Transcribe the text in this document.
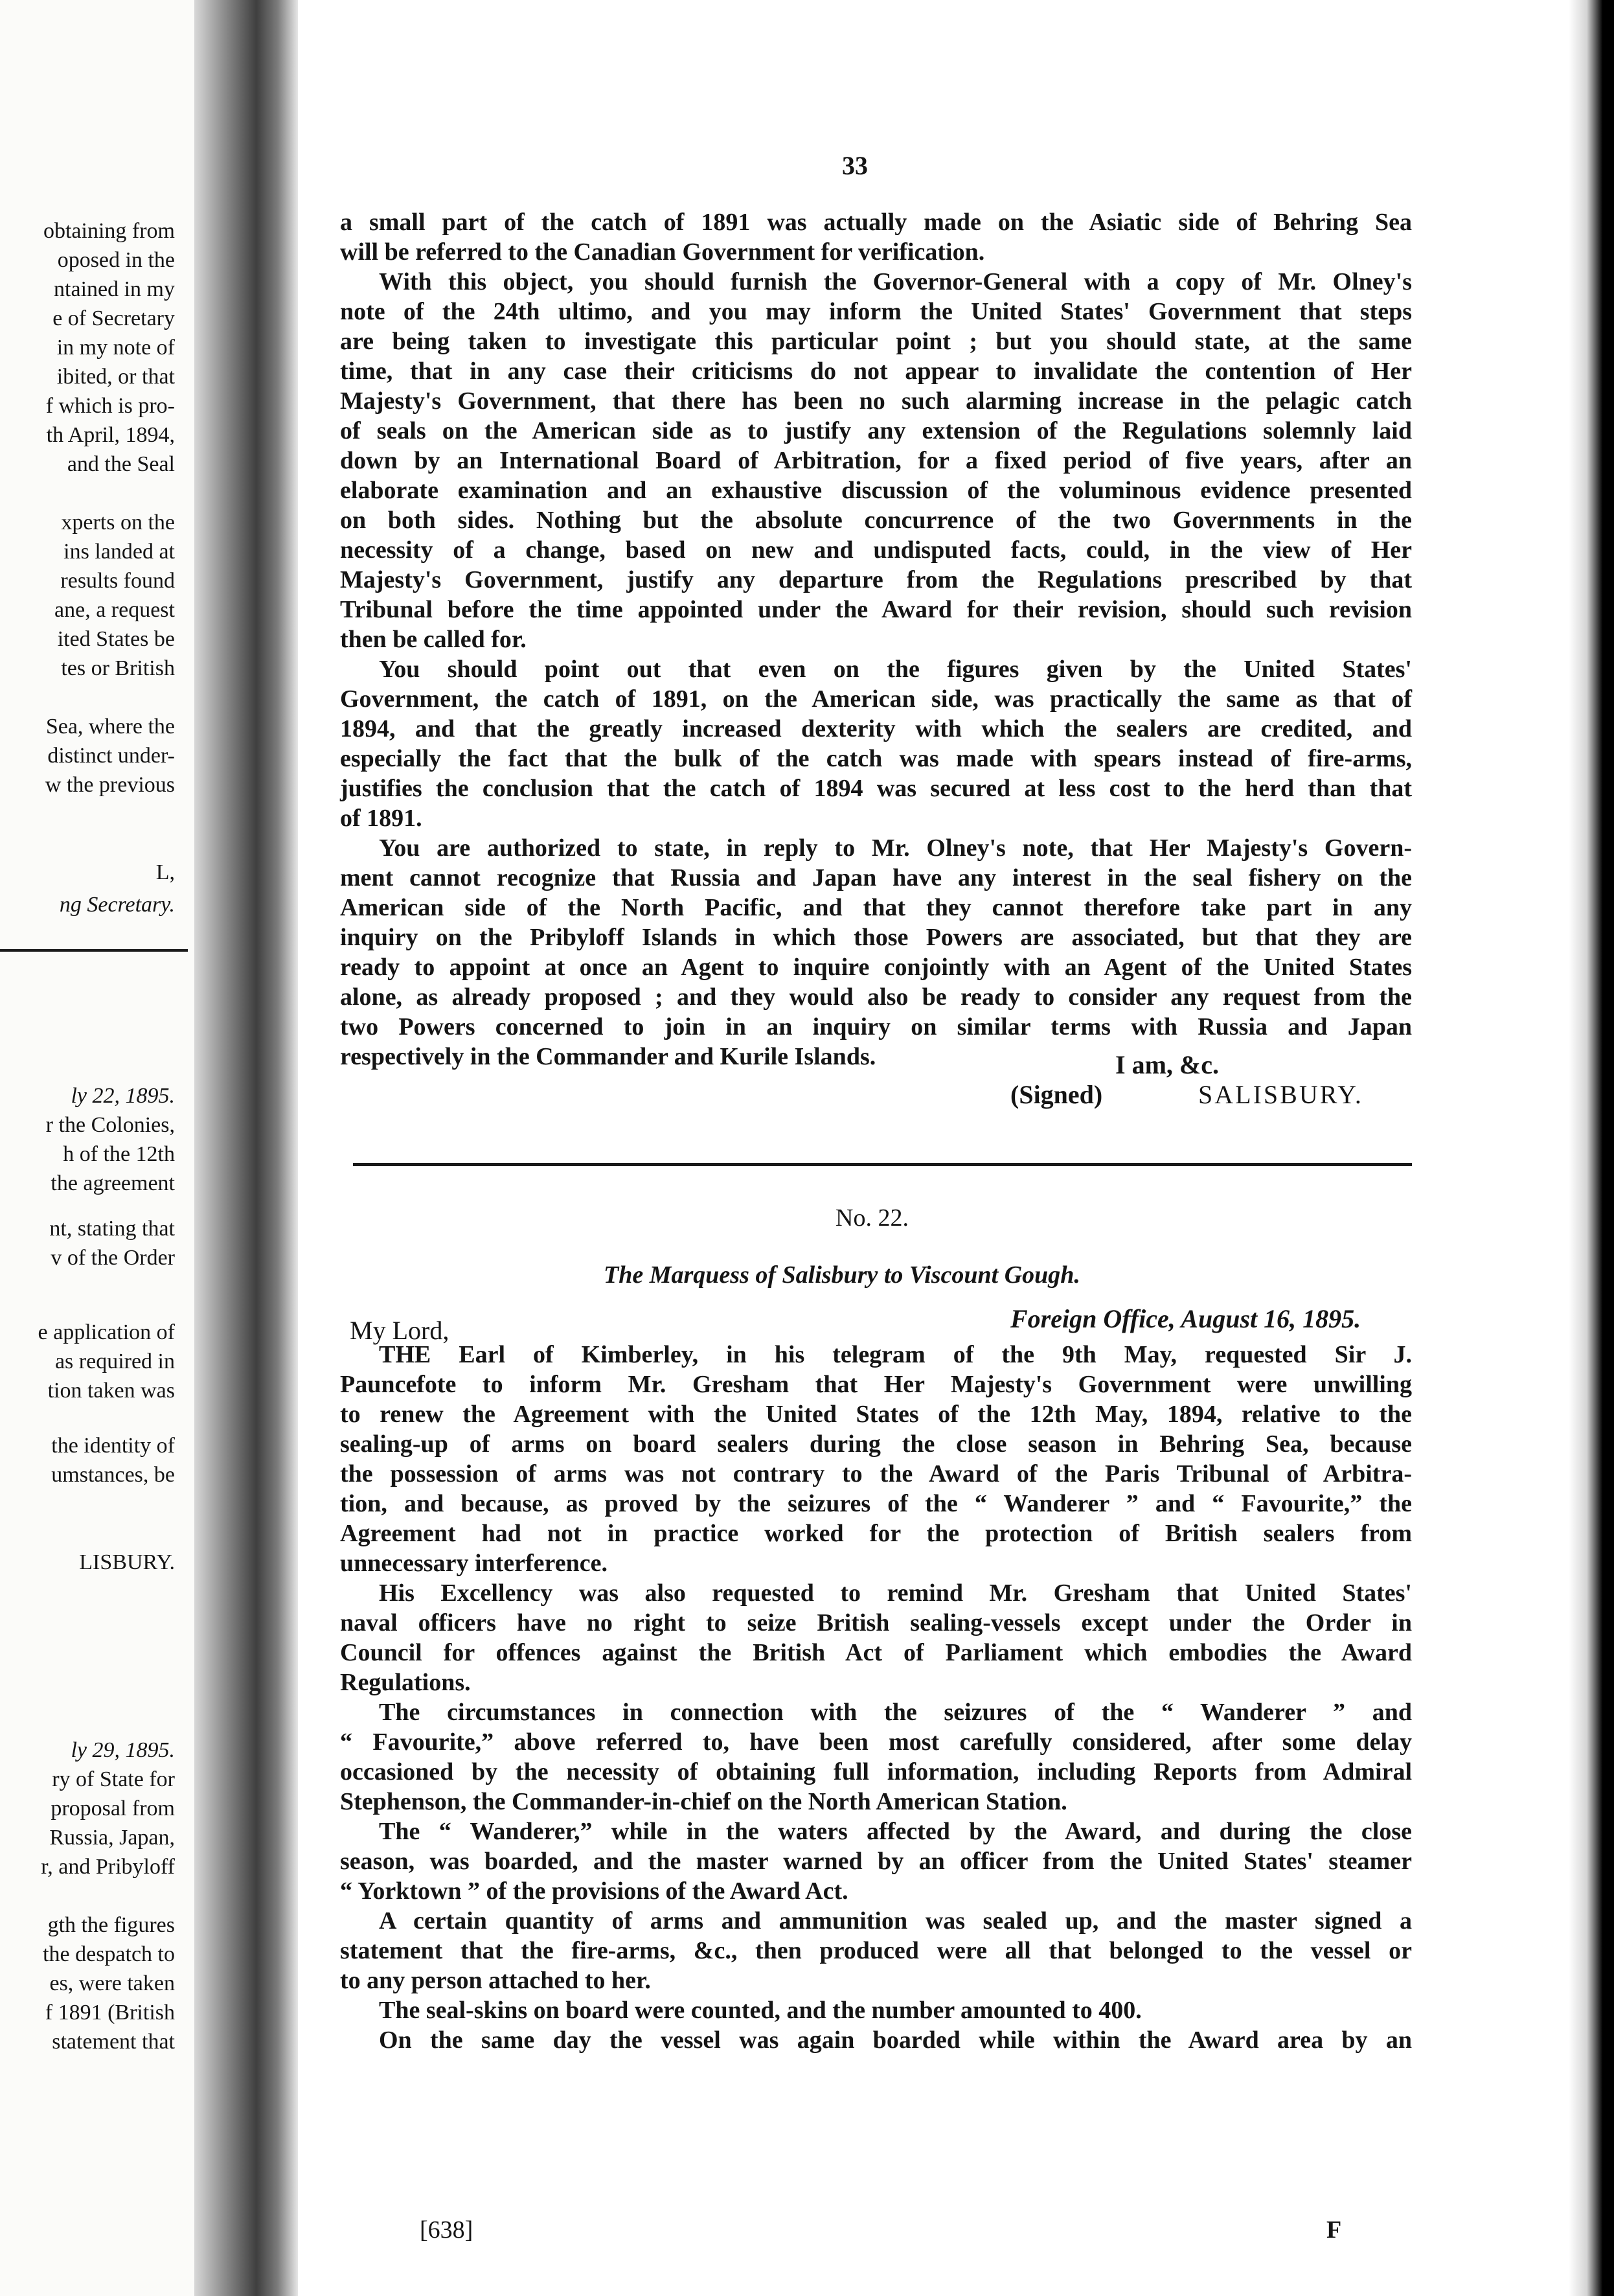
obtaining from
oposed in the
ntained in my
e of Secretary
in my note of
ibited, or that
f which is pro-
th April, 1894,
and the Seal
xperts on the
ins landed at
results found
ane, a request
ited States be
tes or British
Sea, where the
distinct under-
w the previous
L,
ng Secretary.
ly 22, 1895.
r the Colonies,
h of the 12th
the agreement
nt, stating that
v of the Order
e application of
as required in
tion taken was
the identity of
umstances, be
LISBURY.
ly 29, 1895.
ry of State for
proposal from
Russia, Japan,
r, and Pribyloff
gth the figures
the despatch to
es, were taken
f 1891 (British
statement that
33
a small part of the catch of 1891 was actually made on the Asiatic side of Behring Sea
will be referred to the Canadian Government for verification.
With this object, you should furnish the Governor-General with a copy of Mr. Olney's
note of the 24th ultimo, and you may inform the United States' Government that steps
are being taken to investigate this particular point ; but you should state, at the same
time, that in any case their criticisms do not appear to invalidate the contention of Her
Majesty's Government, that there has been no such alarming increase in the pelagic catch
of seals on the American side as to justify any extension of the Regulations solemnly laid
down by an International Board of Arbitration, for a fixed period of five years, after an
elaborate examination and an exhaustive discussion of the voluminous evidence presented
on both sides. Nothing but the absolute concurrence of the two Governments in the
necessity of a change, based on new and undisputed facts, could, in the view of Her
Majesty's Government, justify any departure from the Regulations prescribed by that
Tribunal before the time appointed under the Award for their revision, should such revision
then be called for.
You should point out that even on the figures given by the United States'
Government, the catch of 1891, on the American side, was practically the same as that of
1894, and that the greatly increased dexterity with which the sealers are credited, and
especially the fact that the bulk of the catch was made with spears instead of fire-arms,
justifies the conclusion that the catch of 1894 was secured at less cost to the herd than that
of 1891.
You are authorized to state, in reply to Mr. Olney's note, that Her Majesty's Govern-
ment cannot recognize that Russia and Japan have any interest in the seal fishery on the
American side of the North Pacific, and that they cannot therefore take part in any
inquiry on the Pribyloff Islands in which those Powers are associated, but that they are
ready to appoint at once an Agent to inquire conjointly with an Agent of the United States
alone, as already proposed ; and they would also be ready to consider any request from the
two Powers concerned to join in an inquiry on similar terms with Russia and Japan
respectively in the Commander and Kurile Islands.	I am, &c.
(Signed)	SALISBURY.
No. 22.
The Marquess of Salisbury to Viscount Gough.
My Lord,	Foreign Office, August 16, 1895.
THE Earl of Kimberley, in his telegram of the 9th May, requested Sir J.
Pauncefote to inform Mr. Gresham that Her Majesty's Government were unwilling
to renew the Agreement with the United States of the 12th May, 1894, relative to the
sealing-up of arms on board sealers during the close season in Behring Sea, because
the possession of arms was not contrary to the Award of the Paris Tribunal of Arbitra-
tion, and because, as proved by the seizures of the “ Wanderer ” and “ Favourite,” the
Agreement had not in practice worked for the protection of British sealers from
unnecessary interference.
His Excellency was also requested to remind Mr. Gresham that United States'
naval officers have no right to seize British sealing-vessels except under the Order in
Council for offences against the British Act of Parliament which embodies the Award
Regulations.
The circumstances in connection with the seizures of the “ Wanderer ” and
“ Favourite,” above referred to, have been most carefully considered, after some delay
occasioned by the necessity of obtaining full information, including Reports from Admiral
Stephenson, the Commander-in-chief on the North American Station.
The “ Wanderer,” while in the waters affected by the Award, and during the close
season, was boarded, and the master warned by an officer from the United States' steamer
“ Yorktown ” of the provisions of the Award Act.
A certain quantity of arms and ammunition was sealed up, and the master signed a
statement that the fire-arms, &c., then produced were all that belonged to the vessel or
to any person attached to her.
The seal-skins on board were counted, and the number amounted to 400.
On the same day the vessel was again boarded while within the Award area by an
[638]	F
